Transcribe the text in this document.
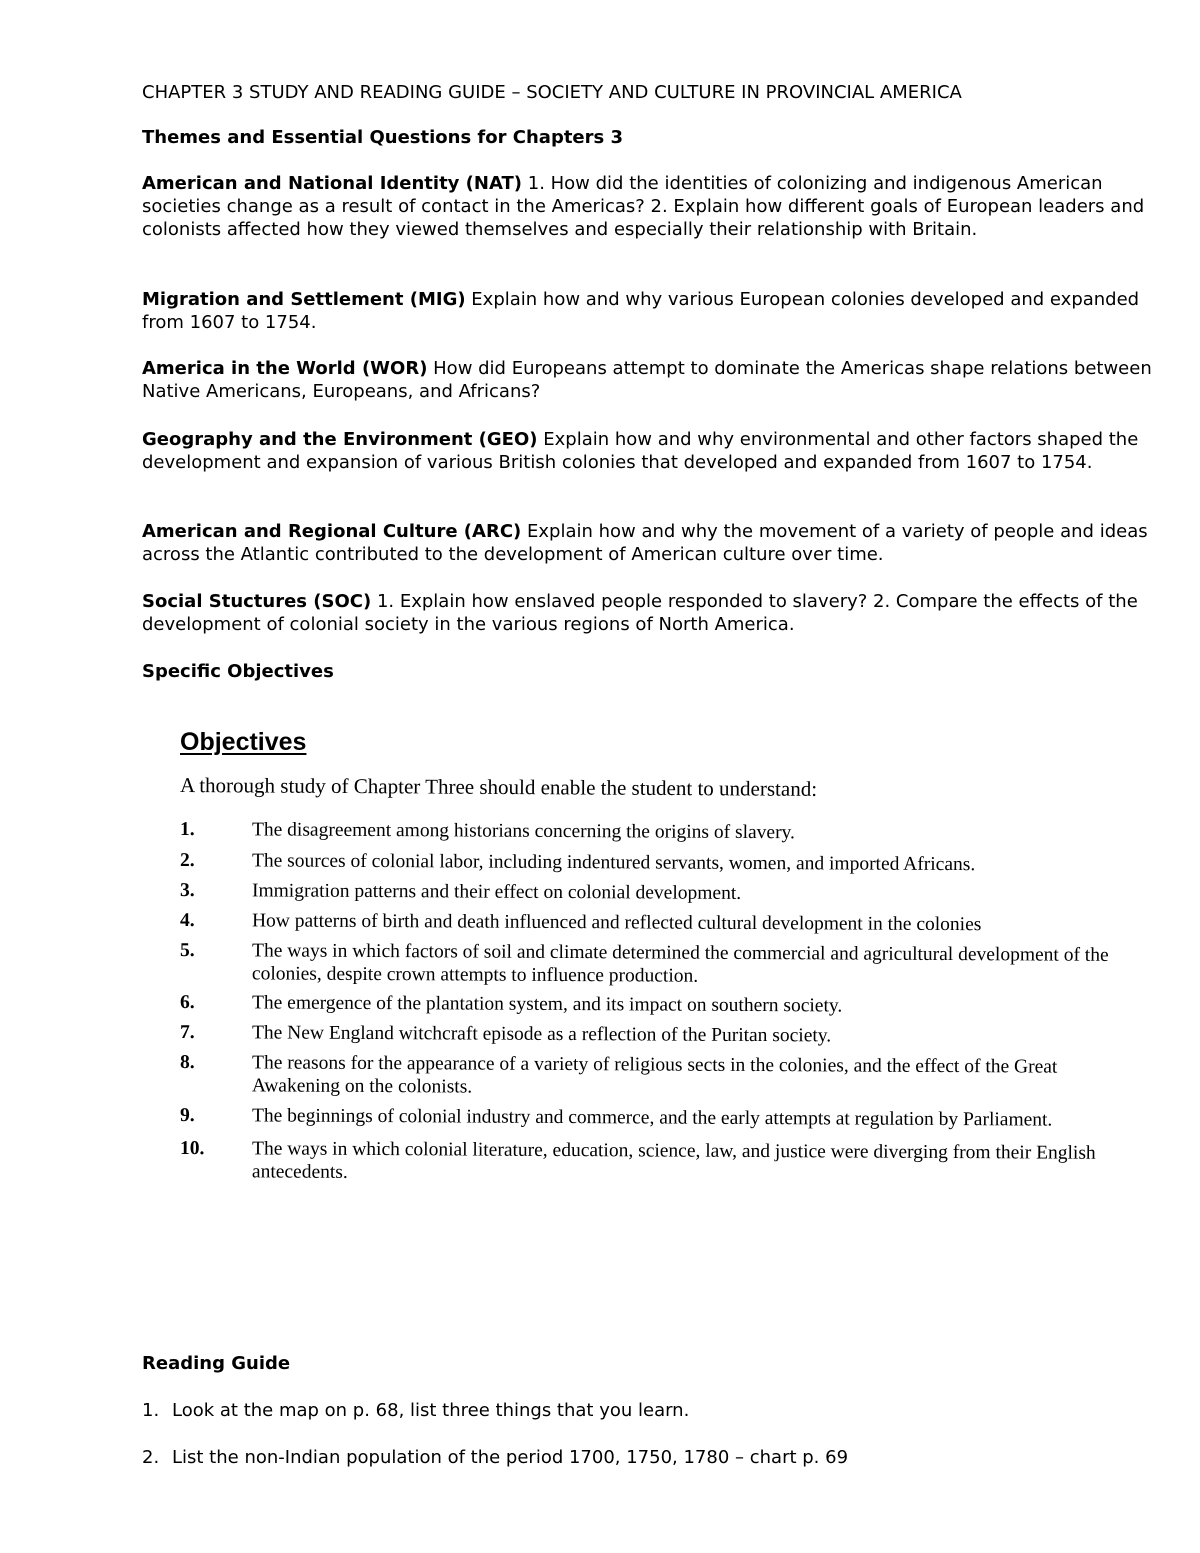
CHAPTER 3 STUDY AND READING GUIDE – SOCIETY AND CULTURE IN PROVINCIAL AMERICA
Themes and Essential Questions for Chapters 3
American and National Identity (NAT) 1. How did the identities of colonizing and indigenous American societies change as a result of contact in the Americas? 2. Explain how different goals of European leaders and colonists affected how they viewed themselves and especially their relationship with Britain.
Migration and Settlement (MIG) Explain how and why various European colonies developed and expanded from 1607 to 1754.
America in the World (WOR) How did Europeans attempt to dominate the Americas shape relations between Native Americans, Europeans, and Africans?
Geography and the Environment (GEO) Explain how and why environmental and other factors shaped the development and expansion of various British colonies that developed and expanded from 1607 to 1754.
American and Regional Culture (ARC) Explain how and why the movement of a variety of people and ideas across the Atlantic contributed to the development of American culture over time.
Social Stuctures (SOC) 1. Explain how enslaved people responded to slavery? 2. Compare the effects of the development of colonial society in the various regions of North America.
Specific Objectives
Objectives
A thorough study of Chapter Three should enable the student to understand:
1.	The disagreement among historians concerning the origins of slavery.
2.	The sources of colonial labor, including indentured servants, women, and imported Africans.
3.	Immigration patterns and their effect on colonial development.
4.	How patterns of birth and death influenced and reflected cultural development in the colonies
5.	The ways in which factors of soil and climate determined the commercial and agricultural development of the colonies, despite crown attempts to influence production.
6.	The emergence of the plantation system, and its impact on southern society.
7.	The New England witchcraft episode as a reflection of the Puritan society.
8.	The reasons for the appearance of a variety of religious sects in the colonies, and the effect of the Great Awakening on the colonists.
9.	The beginnings of colonial industry and commerce, and the early attempts at regulation by Parliament.
10.	The ways in which colonial literature, education, science, law, and justice were diverging from their English antecedents.
Reading Guide
1. Look at the map on p. 68, list three things that you learn.
2. List the non-Indian population of the period 1700, 1750, 1780 – chart p. 69
